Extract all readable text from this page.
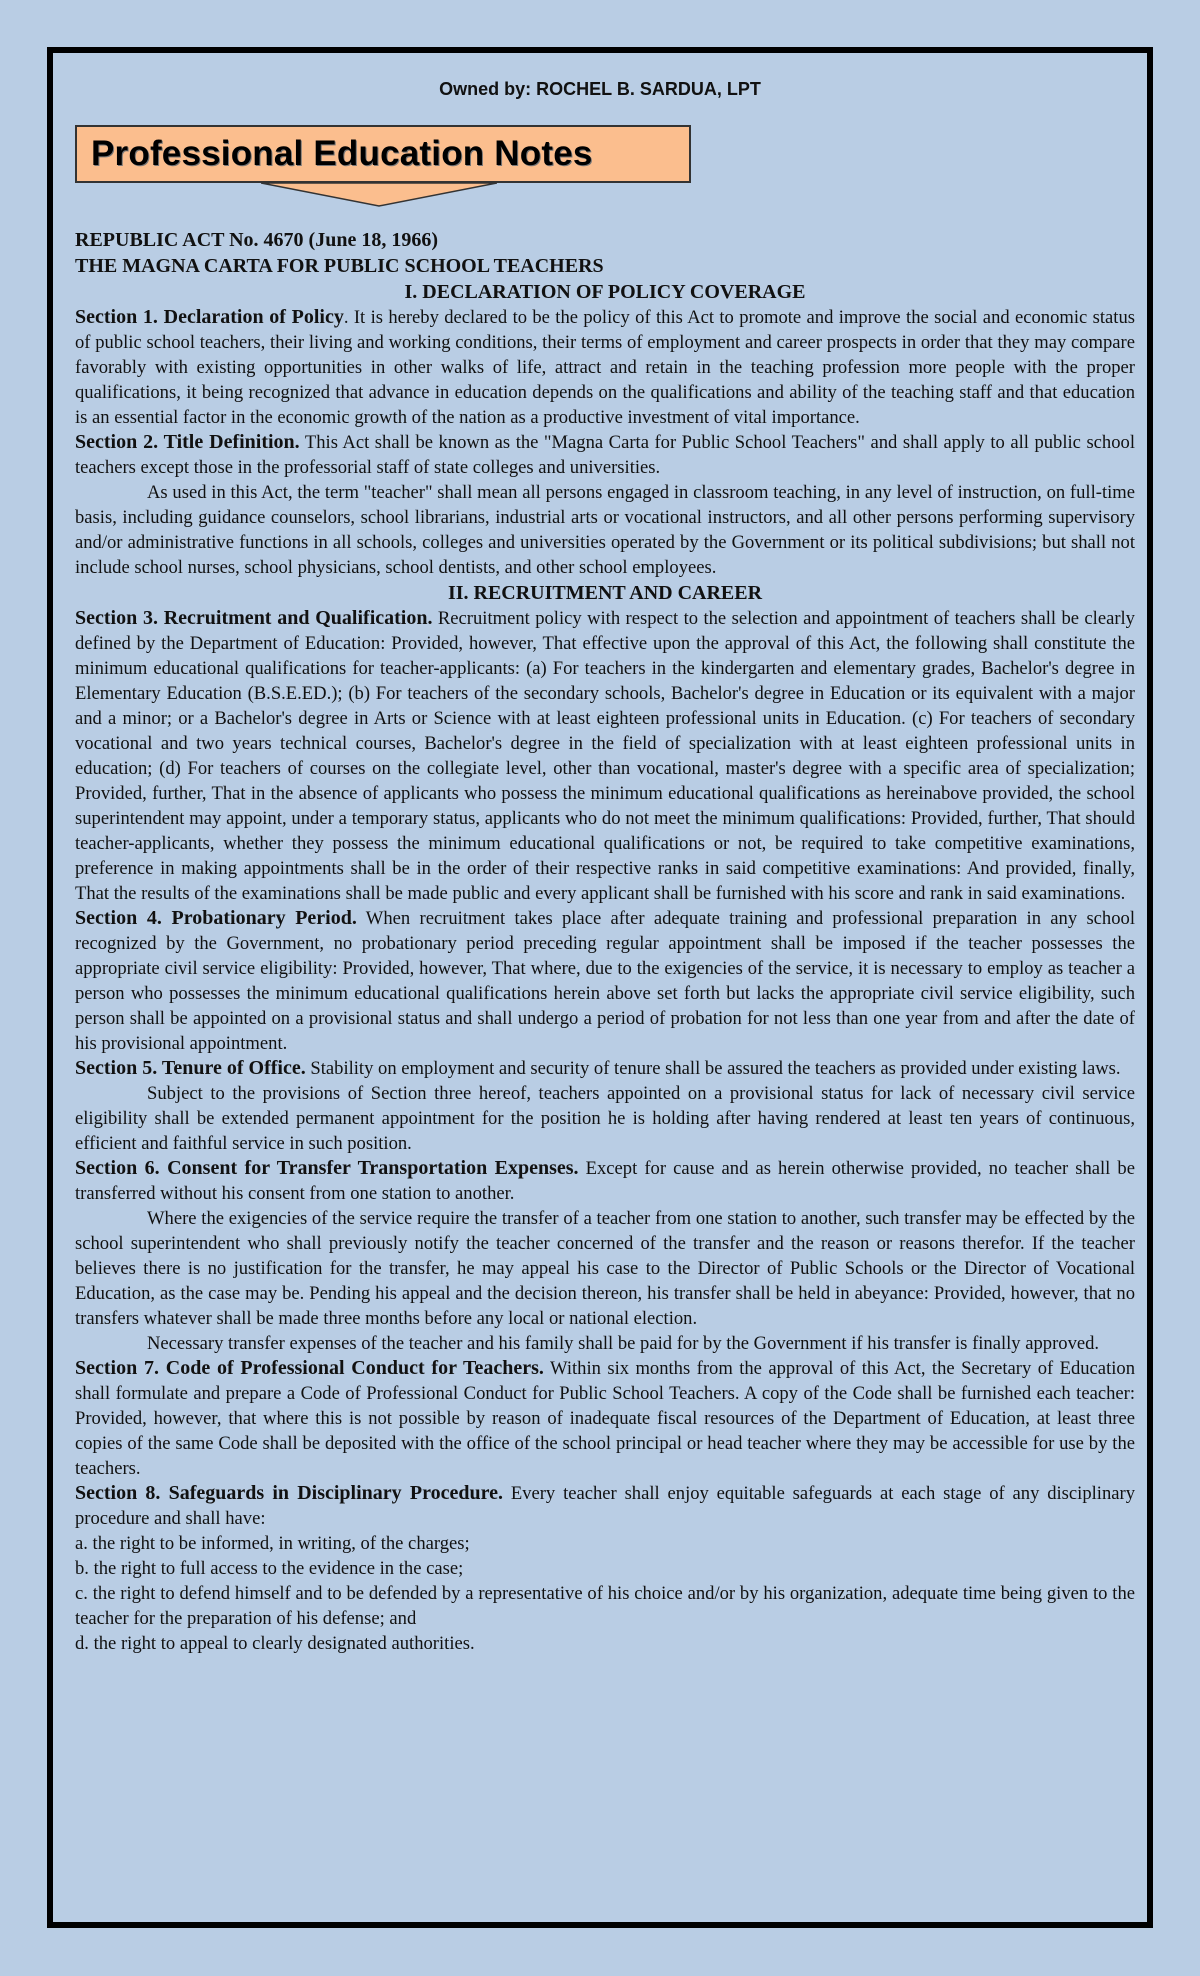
Owned by: ROCHEL B. SARDUA, LPT
Professional Education Notes
REPUBLIC ACT No. 4670 (June 18, 1966)
THE MAGNA CARTA FOR PUBLIC SCHOOL TEACHERS
I. DECLARATION OF POLICY COVERAGE

Section 1. Declaration of Policy. It is hereby declared to be the policy of this Act to promote and improve the social and economic status of public school teachers, their living and working conditions, their terms of employment and career prospects in order that they may compare favorably with existing opportunities in other walks of life, attract and retain in the teaching profession more people with the proper qualifications, it being recognized that advance in education depends on the qualifications and ability of the teaching staff and that education is an essential factor in the economic growth of the nation as a productive investment of vital importance.

Section 2. Title Definition. This Act shall be known as the "Magna Carta for Public School Teachers" and shall apply to all public school teachers except those in the professorial staff of state colleges and universities.

As used in this Act, the term "teacher" shall mean all persons engaged in classroom teaching, in any level of instruction, on full-time basis, including guidance counselors, school librarians, industrial arts or vocational instructors, and all other persons performing supervisory and/or administrative functions in all schools, colleges and universities operated by the Government or its political subdivisions; but shall not include school nurses, school physicians, school dentists, and other school employees.

II. RECRUITMENT AND CAREER

Section 3. Recruitment and Qualification. Recruitment policy with respect to the selection and appointment of teachers shall be clearly defined by the Department of Education: Provided, however, That effective upon the approval of this Act, the following shall constitute the minimum educational qualifications for teacher-applicants: (a) For teachers in the kindergarten and elementary grades, Bachelor's degree in Elementary Education (B.S.E.ED.); (b) For teachers of the secondary schools, Bachelor's degree in Education or its equivalent with a major and a minor; or a Bachelor's degree in Arts or Science with at least eighteen professional units in Education. (c) For teachers of secondary vocational and two years technical courses, Bachelor's degree in the field of specialization with at least eighteen professional units in education; (d) For teachers of courses on the collegiate level, other than vocational, master's degree with a specific area of specialization; Provided, further, That in the absence of applicants who possess the minimum educational qualifications as hereinabove provided, the school superintendent may appoint, under a temporary status, applicants who do not meet the minimum qualifications: Provided, further, That should teacher-applicants, whether they possess the minimum educational qualifications or not, be required to take competitive examinations, preference in making appointments shall be in the order of their respective ranks in said competitive examinations: And provided, finally, That the results of the examinations shall be made public and every applicant shall be furnished with his score and rank in said examinations.

Section 4. Probationary Period. When recruitment takes place after adequate training and professional preparation in any school recognized by the Government, no probationary period preceding regular appointment shall be imposed if the teacher possesses the appropriate civil service eligibility: Provided, however, That where, due to the exigencies of the service, it is necessary to employ as teacher a person who possesses the minimum educational qualifications herein above set forth but lacks the appropriate civil service eligibility, such person shall be appointed on a provisional status and shall undergo a period of probation for not less than one year from and after the date of his provisional appointment.

Section 5. Tenure of Office. Stability on employment and security of tenure shall be assured the teachers as provided under existing laws.

Subject to the provisions of Section three hereof, teachers appointed on a provisional status for lack of necessary civil service eligibility shall be extended permanent appointment for the position he is holding after having rendered at least ten years of continuous, efficient and faithful service in such position.

Section 6. Consent for Transfer Transportation Expenses. Except for cause and as herein otherwise provided, no teacher shall be transferred without his consent from one station to another.

Where the exigencies of the service require the transfer of a teacher from one station to another, such transfer may be effected by the school superintendent who shall previously notify the teacher concerned of the transfer and the reason or reasons therefor. If the teacher believes there is no justification for the transfer, he may appeal his case to the Director of Public Schools or the Director of Vocational Education, as the case may be. Pending his appeal and the decision thereon, his transfer shall be held in abeyance: Provided, however, that no transfers whatever shall be made three months before any local or national election.

Necessary transfer expenses of the teacher and his family shall be paid for by the Government if his transfer is finally approved.

Section 7. Code of Professional Conduct for Teachers. Within six months from the approval of this Act, the Secretary of Education shall formulate and prepare a Code of Professional Conduct for Public School Teachers. A copy of the Code shall be furnished each teacher: Provided, however, that where this is not possible by reason of inadequate fiscal resources of the Department of Education, at least three copies of the same Code shall be deposited with the office of the school principal or head teacher where they may be accessible for use by the teachers.

Section 8. Safeguards in Disciplinary Procedure. Every teacher shall enjoy equitable safeguards at each stage of any disciplinary procedure and shall have:

a. the right to be informed, in writing, of the charges;

b. the right to full access to the evidence in the case;

c. the right to defend himself and to be defended by a representative of his choice and/or by his organization, adequate time being given to the teacher for the preparation of his defense; and

d. the right to appeal to clearly designated authorities.
